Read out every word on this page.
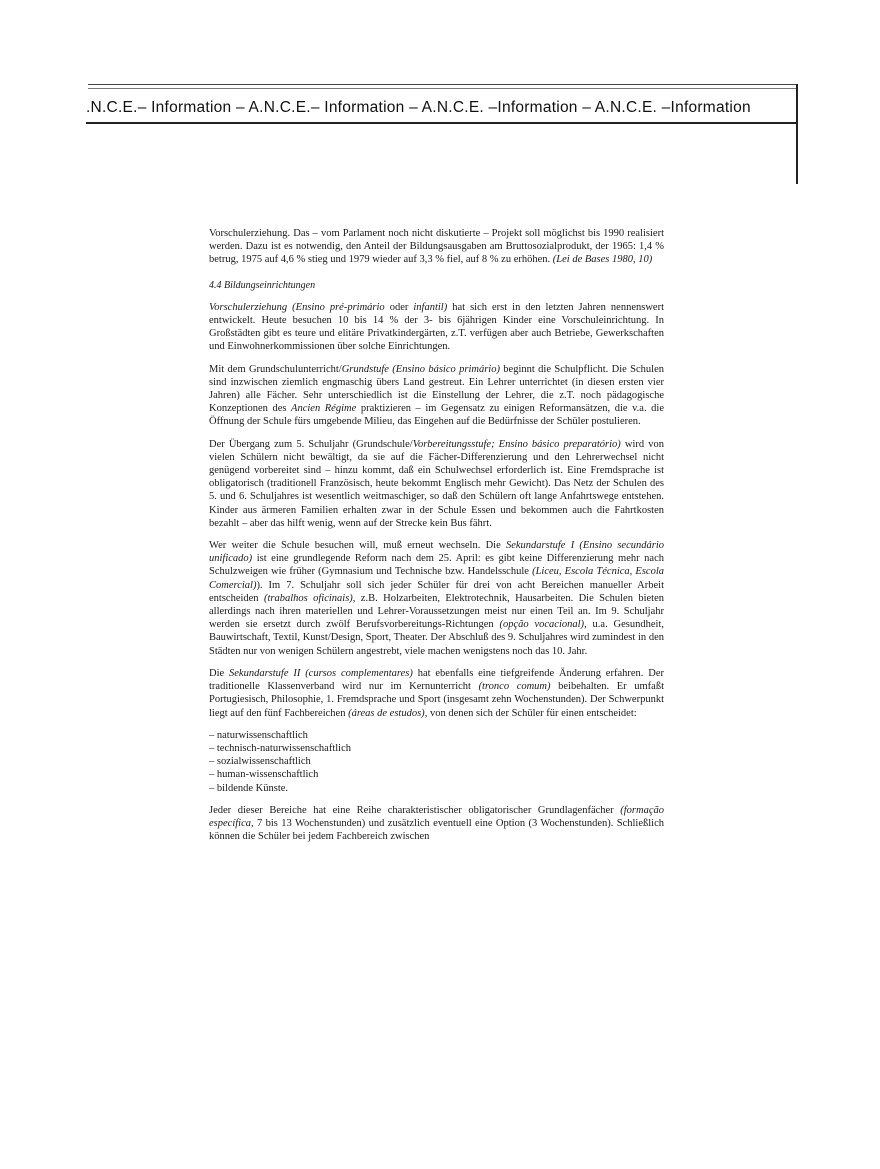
.N.C.E.– Information – A.N.C.E.– Information – A.N.C.E. –Information – A.N.C.E. –Information

Vorschulerziehung. Das – vom Parlament noch nicht diskutierte – Projekt soll möglichst bis 1990 realisiert werden. Dazu ist es notwendig, den Anteil der Bildungsausgaben am Bruttosozialprodukt, der 1965: 1,4 % betrug, 1975 auf 4,6 % stieg und 1979 wieder auf 3,3 % fiel, auf 8 % zu erhöhen. (Lei de Bases 1980, 10)

4.4 Bildungseinrichtungen

Vorschulerziehung (Ensino pré-primário oder infantil) hat sich erst in den letzten Jahren nennenswert entwickelt. Heute besuchen 10 bis 14 % der 3- bis 6jährigen Kinder eine Vorschuleinrichtung. In Großstädten gibt es teure und elitäre Privatkindergärten, z.T. verfügen aber auch Betriebe, Gewerkschaften und Einwohnerkommissionen über solche Einrichtungen.

Mit dem Grundschulunterricht/Grundstufe (Ensino básico primário) beginnt die Schulpflicht. Die Schulen sind inzwischen ziemlich engmaschig übers Land gestreut. Ein Lehrer unterrichtet (in diesen ersten vier Jahren) alle Fächer. Sehr unterschiedlich ist die Einstellung der Lehrer, die z.T. noch pädagogische Konzeptionen des Ancien Régime praktizieren – im Gegensatz zu einigen Reformansätzen, die v.a. die Öffnung der Schule fürs umgebende Milieu, das Eingehen auf die Bedürfnisse der Schüler postulieren.

Der Übergang zum 5. Schuljahr (Grundschule/Vorbereitungsstufe; Ensino básico preparatório) wird von vielen Schülern nicht bewältigt, da sie auf die Fächer-Differenzierung und den Lehrerwechsel nicht genügend vorbereitet sind – hinzu kommt, daß ein Schulwechsel erforderlich ist. Eine Fremdsprache ist obligatorisch (traditionell Französisch, heute bekommt Englisch mehr Gewicht). Das Netz der Schulen des 5. und 6. Schuljahres ist wesentlich weitmaschiger, so daß den Schülern oft lange Anfahrtswege entstehen. Kinder aus ärmeren Familien erhalten zwar in der Schule Essen und bekommen auch die Fahrtkosten bezahlt – aber das hilft wenig, wenn auf der Strecke kein Bus fährt.

Wer weiter die Schule besuchen will, muß erneut wechseln. Die Sekundarstufe I (Ensino secundário unificado) ist eine grundlegende Reform nach dem 25. April: es gibt keine Differenzierung mehr nach Schulzweigen wie früher (Gymnasium und Technische bzw. Handelsschule (Liceu, Escola Técnica, Escola Comercial)). Im 7. Schuljahr soll sich jeder Schüler für drei von acht Bereichen manueller Arbeit entscheiden (trabalhos oficinais), z.B. Holzarbeiten, Elektrotechnik, Hausarbeiten. Die Schulen bieten allerdings nach ihren materiellen und Lehrer-Voraussetzungen meist nur einen Teil an. Im 9. Schuljahr werden sie ersetzt durch zwölf Berufsvorbereitungs-Richtungen (opção vocacional), u.a. Gesundheit, Bauwirtschaft, Textil, Kunst/Design, Sport, Theater. Der Abschluß des 9. Schuljahres wird zumindest in den Städten nur von wenigen Schülern angestrebt, viele machen wenigstens noch das 10. Jahr.

Die Sekundarstufe II (cursos complementares) hat ebenfalls eine tiefgreifende Änderung erfahren. Der traditionelle Klassenverband wird nur im Kernunterricht (tronco comum) beibehalten. Er umfaßt Portugiesisch, Philosophie, 1. Fremdsprache und Sport (insgesamt zehn Wochenstunden). Der Schwerpunkt liegt auf den fünf Fachbereichen (áreas de estudos), von denen sich der Schüler für einen entscheidet:

– naturwissenschaftlich
– technisch-naturwissenschaftlich
– sozialwissenschaftlich
– human-wissenschaftlich
– bildende Künste.

Jeder dieser Bereiche hat eine Reihe charakteristischer obligatorischer Grundlagenfächer (formação específica, 7 bis 13 Wochenstunden) und zusätzlich eventuell eine Option (3 Wochenstunden). Schließlich können die Schüler bei jedem Fachbereich zwischen
